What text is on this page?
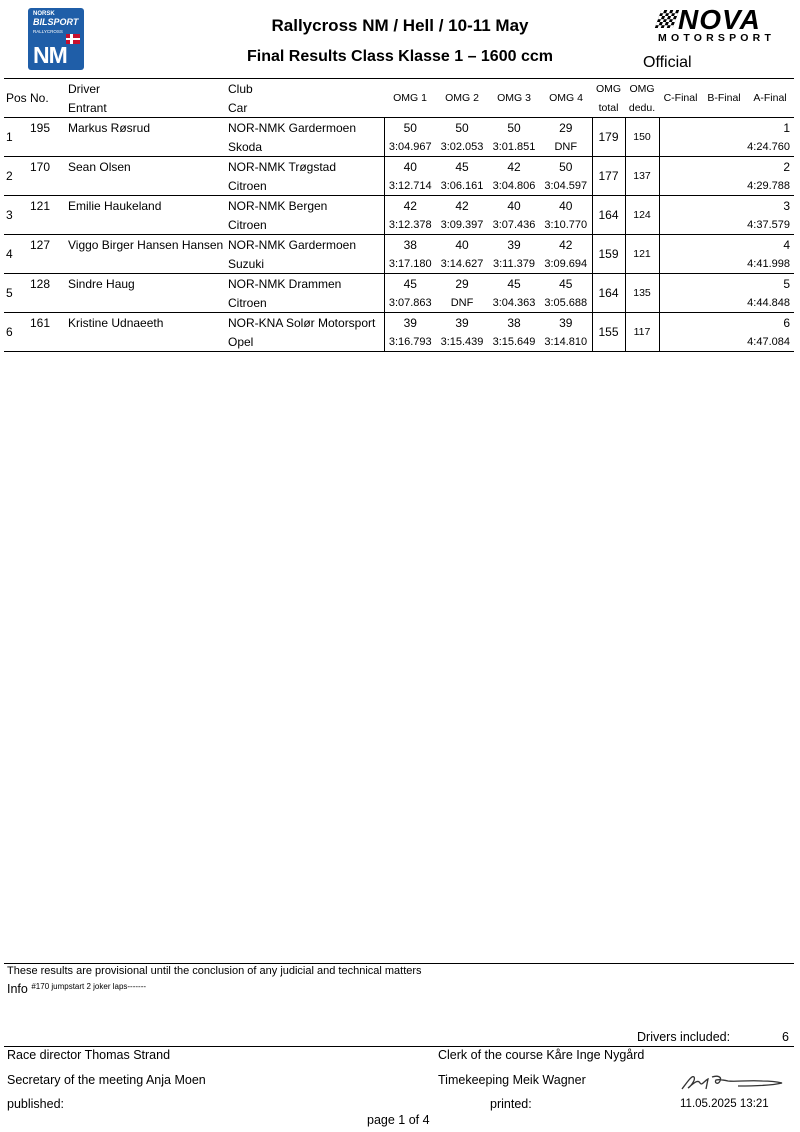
NORSK
BILSPORT
RALLYCROSS
NM
Rallycross NM / Hell / 10-11 May
Final Results Class Klasse 1 – 1600 ccm	Official
NOVA
MOTORSPORT
Pos	No.	Driver	Club	OMG 1	OMG 2	OMG 3	OMG 4	OMG	OMG	C-Final	B-Final	A-Final
		Entrant	Car					total	dedu.			
1	195	Markus Røsrud	NOR-NMK Gardermoen	50	50	50	29	179	150			1
			Skoda	3:04.967	3:02.053	3:01.851	DNF					4:24.760
2	170	Sean Olsen	NOR-NMK Trøgstad	40	45	42	50	177	137			2
			Citroen	3:12.714	3:06.161	3:04.806	3:04.597					4:29.788
3	121	Emilie Haukeland	NOR-NMK Bergen	42	42	40	40	164	124			3
			Citroen	3:12.378	3:09.397	3:07.436	3:10.770					4:37.579
4	127	Viggo Birger Hansen Hansen	NOR-NMK Gardermoen	38	40	39	42	159	121			4
			Suzuki	3:17.180	3:14.627	3:11.379	3:09.694					4:41.998
5	128	Sindre Haug	NOR-NMK Drammen	45	29	45	45	164	135			5
			Citroen	3:07.863	DNF	3:04.363	3:05.688					4:44.848
6	161	Kristine Udnaeeth	NOR-KNA Solør Motorsport	39	39	38	39	155	117			6
			Opel	3:16.793	3:15.439	3:15.649	3:14.810					4:47.084
These results are provisional until the conclusion of any judicial and technical matters
Info $^{\#170 jumpstart 2 joker laps-------}$
Drivers included:	6
Race director Thomas Strand	Clerk of the course Kåre Inge Nygård
Secretary of the meeting Anja Moen	Timekeeping Meik Wagner
published:	printed:	11.05.2025 13:21
page 1 of 4
